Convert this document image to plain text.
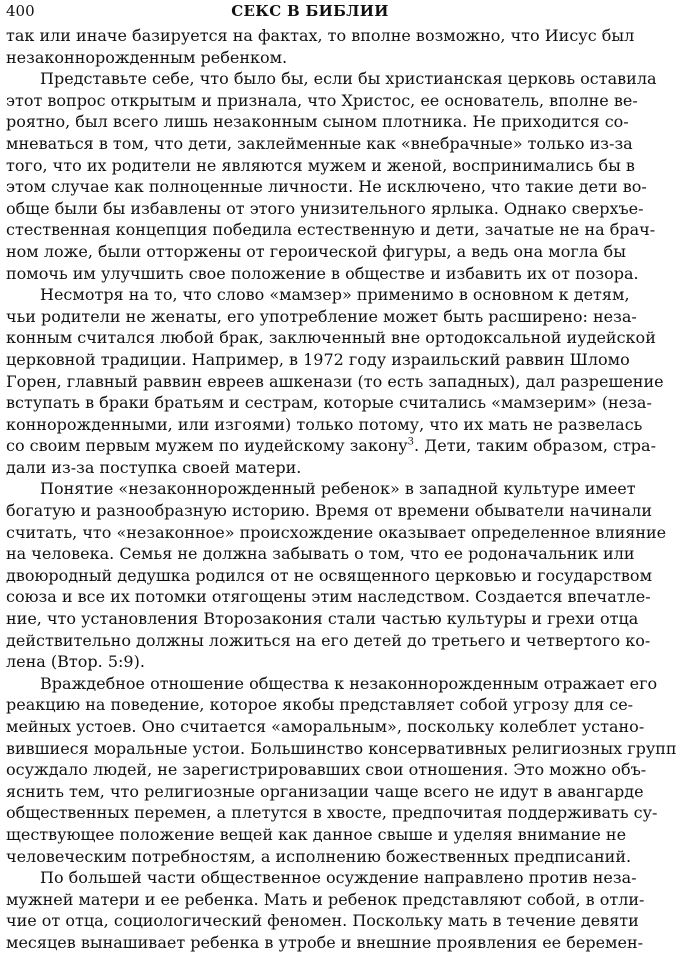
400	СЕКС В БИБЛИИ
так или иначе базируется на фактах, то вполне возможно, что Иисус был
незаконнорожденным ребенком.
Представьте себе, что было бы, если бы христианская церковь оставила
этот вопрос открытым и признала, что Христос, ее основатель, вполне ве-
роятно, был всего лишь незаконным сыном плотника. Не приходится со-
мневаться в том, что дети, заклейменные как «внебрачные» только из-за
того, что их родители не являются мужем и женой, воспринимались бы в
этом случае как полноценные личности. Не исключено, что такие дети во-
обще были бы избавлены от этого унизительного ярлыка. Однако сверхъе-
стественная концепция победила естественную и дети, зачатые не на брач-
ном ложе, были отторжены от героической фигуры, а ведь она могла бы
помочь им улучшить свое положение в обществе и избавить их от позора.
Несмотря на то, что слово «мамзер» применимо в основном к детям,
чьи родители не женаты, его употребление может быть расширено: неза-
конным считался любой брак, заключенный вне ортодоксальной иудейской
церковной традиции. Например, в 1972 году израильский раввин Шломо
Горен, главный раввин евреев ашкенази (то есть западных), дал разрешение
вступать в браки братьям и сестрам, которые считались «мамзерим» (неза-
коннорожденными, или изгоями) только потому, что их мать не развелась
со своим первым мужем по иудейскому закону$^3$. Дети, таким образом, стра-
дали из-за поступка своей матери.
Понятие «незаконнорожденный ребенок» в западной культуре имеет
богатую и разнообразную историю. Время от времени обыватели начинали
считать, что «незаконное» происхождение оказывает определенное влияние
на человека. Семья не должна забывать о том, что ее родоначальник или
двоюродный дедушка родился от не освященного церковью и государством
союза и все их потомки отягощены этим наследством. Создается впечатле-
ние, что установления Второзакония стали частью культуры и грехи отца
действительно должны ложиться на его детей до третьего и четвертого ко-
лена (Втор. 5:9).
Враждебное отношение общества к незаконнорожденным отражает его
реакцию на поведение, которое якобы представляет собой угрозу для се-
мейных устоев. Оно считается «аморальным», поскольку колеблет устано-
вившиеся моральные устои. Большинство консервативных религиозных групп
осуждало людей, не зарегистрировавших свои отношения. Это можно объ-
яснить тем, что религиозные организации чаще всего не идут в авангарде
общественных перемен, а плетутся в хвосте, предпочитая поддерживать су-
ществующее положение вещей как данное свыше и уделяя внимание не
человеческим потребностям, а исполнению божественных предписаний.
По большей части общественное осуждение направлено против неза-
мужней матери и ее ребенка. Мать и ребенок представляют собой, в отли-
чие от отца, социологический феномен. Поскольку мать в течение девяти
месяцев вынашивает ребенка в утробе и внешние проявления ее беремен-
